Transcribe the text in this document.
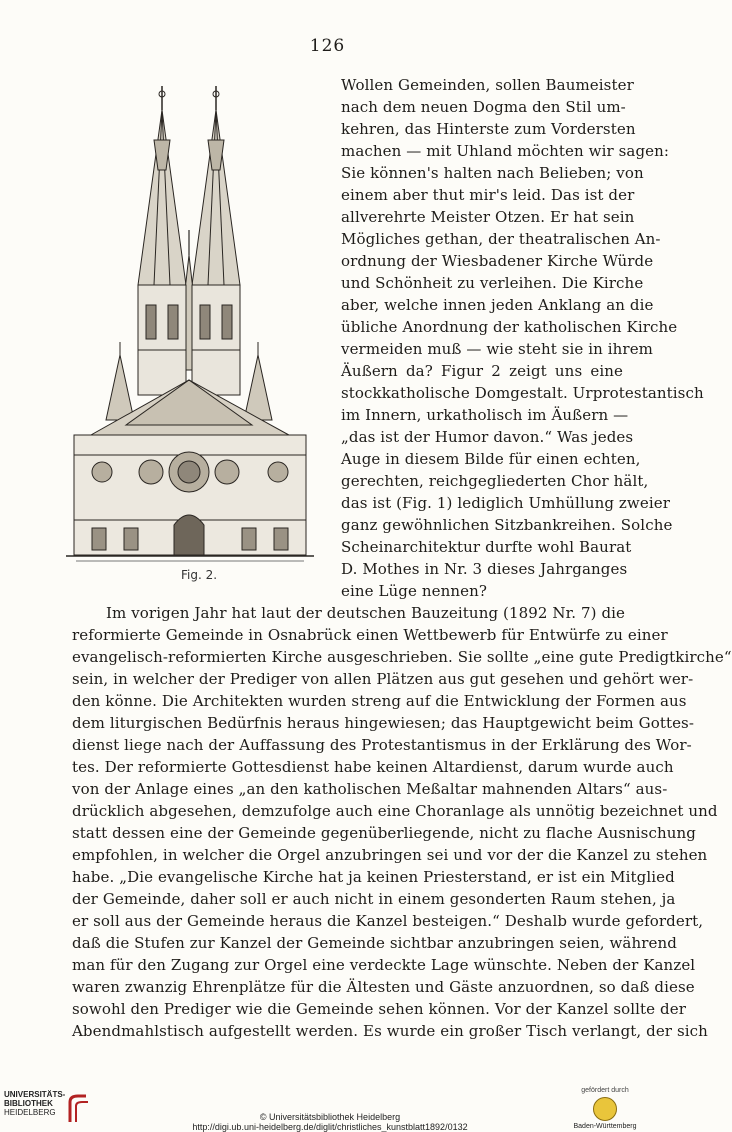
126
Fig. 2.
Wollen Gemeinden, sollen Baumeister
nach dem neuen Dogma den Stil um-
kehren, das Hinterste zum Vordersten
machen — mit Uhland möchten wir sagen:
Sie können's halten nach Belieben; von
einem aber thut mir's leid. Das ist der
allverehrte Meister Otzen. Er hat sein
Mögliches gethan, der theatralischen An-
ordnung der Wiesbadener Kirche Würde
und Schönheit zu verleihen. Die Kirche
aber, welche innen jeden Anklang an die
übliche Anordnung der katholischen Kirche
vermeiden muß — wie steht sie in ihrem
Äußern da? Figur 2 zeigt uns eine
stockkatholische Domgestalt. Urprotestantisch
im Innern, urkatholisch im Äußern —
„das ist der Humor davon.“ Was jedes
Auge in diesem Bilde für einen echten,
gerechten, reichgegliederten Chor hält,
das ist (Fig. 1) lediglich Umhüllung zweier
ganz gewöhnlichen Sitzbankreihen. Solche
Scheinarchitektur durfte wohl Baurat
D. Mothes in Nr. 3 dieses Jahrganges
eine Lüge nennen?
Im vorigen Jahr hat laut der deutschen Bauzeitung (1892 Nr. 7) die
reformierte Gemeinde in Osnabrück einen Wettbewerb für Entwürfe zu einer
evangelisch-reformierten Kirche ausgeschrieben. Sie sollte „eine gute Predigtkirche“
sein, in welcher der Prediger von allen Plätzen aus gut gesehen und gehört wer-
den könne. Die Architekten wurden streng auf die Entwicklung der Formen aus
dem liturgischen Bedürfnis heraus hingewiesen; das Hauptgewicht beim Gottes-
dienst liege nach der Auffassung des Protestantismus in der Erklärung des Wor-
tes. Der reformierte Gottesdienst habe keinen Altardienst, darum wurde auch
von der Anlage eines „an den katholischen Meßaltar mahnenden Altars“ aus-
drücklich abgesehen, demzufolge auch eine Choranlage als unnötig bezeichnet und
statt dessen eine der Gemeinde gegenüberliegende, nicht zu flache Ausnischung
empfohlen, in welcher die Orgel anzubringen sei und vor der die Kanzel zu stehen
habe. „Die evangelische Kirche hat ja keinen Priesterstand, er ist ein Mitglied
der Gemeinde, daher soll er auch nicht in einem gesonderten Raum stehen, ja
er soll aus der Gemeinde heraus die Kanzel besteigen.“ Deshalb wurde gefordert,
daß die Stufen zur Kanzel der Gemeinde sichtbar anzubringen seien, während
man für den Zugang zur Orgel eine verdeckte Lage wünschte. Neben der Kanzel
waren zwanzig Ehrenplätze für die Ältesten und Gäste anzuordnen, so daß diese
sowohl den Prediger wie die Gemeinde sehen können. Vor der Kanzel sollte der
Abendmahlstisch aufgestellt werden. Es wurde ein großer Tisch verlangt, der sich
UNIVERSITÄTS-
BIBLIOTHEK
HEIDELBERG	© Universitätsbibliothek Heidelberg
http://digi.ub.uni-heidelberg.de/diglit/christliches_kunstblatt1892/0132
gefördert durch
Baden-Württemberg
